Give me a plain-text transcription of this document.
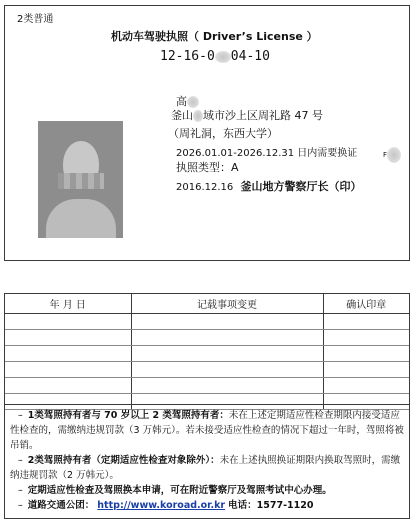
2类普通
机动车驾驶执照（ Driver’s License ）
12-16-0 04-10
高
釜山 域市沙上区周礼路 47 号
（周礼洞，东西大学）
2026.01.01-2026.12.31 日内需要换证
执照类型：A
2016.12.16 釜山地方警察厅长（印）
F
年 月 日	记载事项变更	确认印章

– 1类驾照持有者与 70 岁以上 2 类驾照持有者：未在上述定期适应性检查期限内接受适应性检查的，需缴纳违规罚款（3 万韩元）。若未接受适应性检查的情况下超过一年时，驾照将被吊销。

– 2类驾照持有者（定期适应性检查对象除外）：未在上述执照换证期限内换取驾照时，需缴纳违规罚款（2 万韩元）。

– 定期适应性检查及驾照换本申请，可在附近警察厅及驾照考试中心办理。

– 道路交通公团： http://www.koroad.or.kr 电话：1577-1120
